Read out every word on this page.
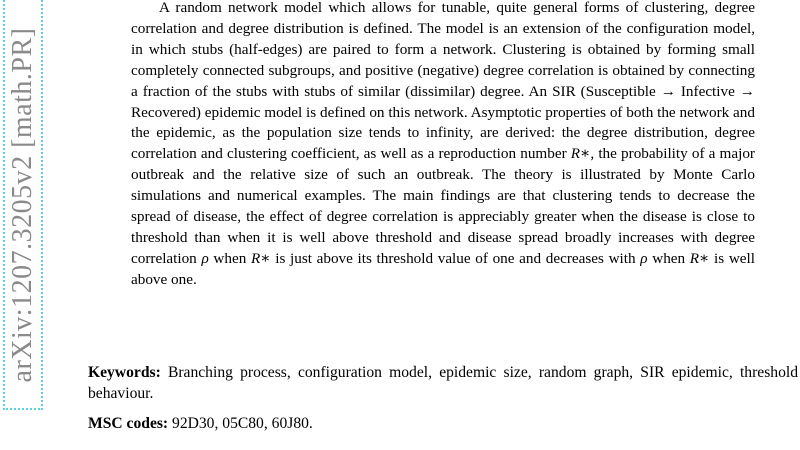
arXiv:1207.3205v2 [math.PR]

A random network model which allows for tunable, quite general forms of clustering, degree correlation and degree distribution is defined. The model is an extension of the configuration model, in which stubs (half-edges) are paired to form a network. Clustering is obtained by forming small completely connected subgroups, and positive (negative) degree correlation is obtained by connecting a fraction of the stubs with stubs of similar (dissimilar) degree. An SIR (Susceptible → Infective → Recovered) epidemic model is defined on this network. Asymptotic properties of both the network and the epidemic, as the population size tends to infinity, are derived: the degree distribution, degree correlation and clustering coefficient, as well as a reproduction number R∗, the probability of a major outbreak and the relative size of such an outbreak. The theory is illustrated by Monte Carlo simulations and numerical examples. The main findings are that clustering tends to decrease the spread of disease, the effect of degree correlation is appreciably greater when the disease is close to threshold than when it is well above threshold and disease spread broadly increases with degree correlation ρ when R∗ is just above its threshold value of one and decreases with ρ when R∗ is well above one.

Keywords: Branching process, configuration model, epidemic size, random graph, SIR epidemic, threshold behaviour.
MSC codes: 92D30, 05C80, 60J80.
